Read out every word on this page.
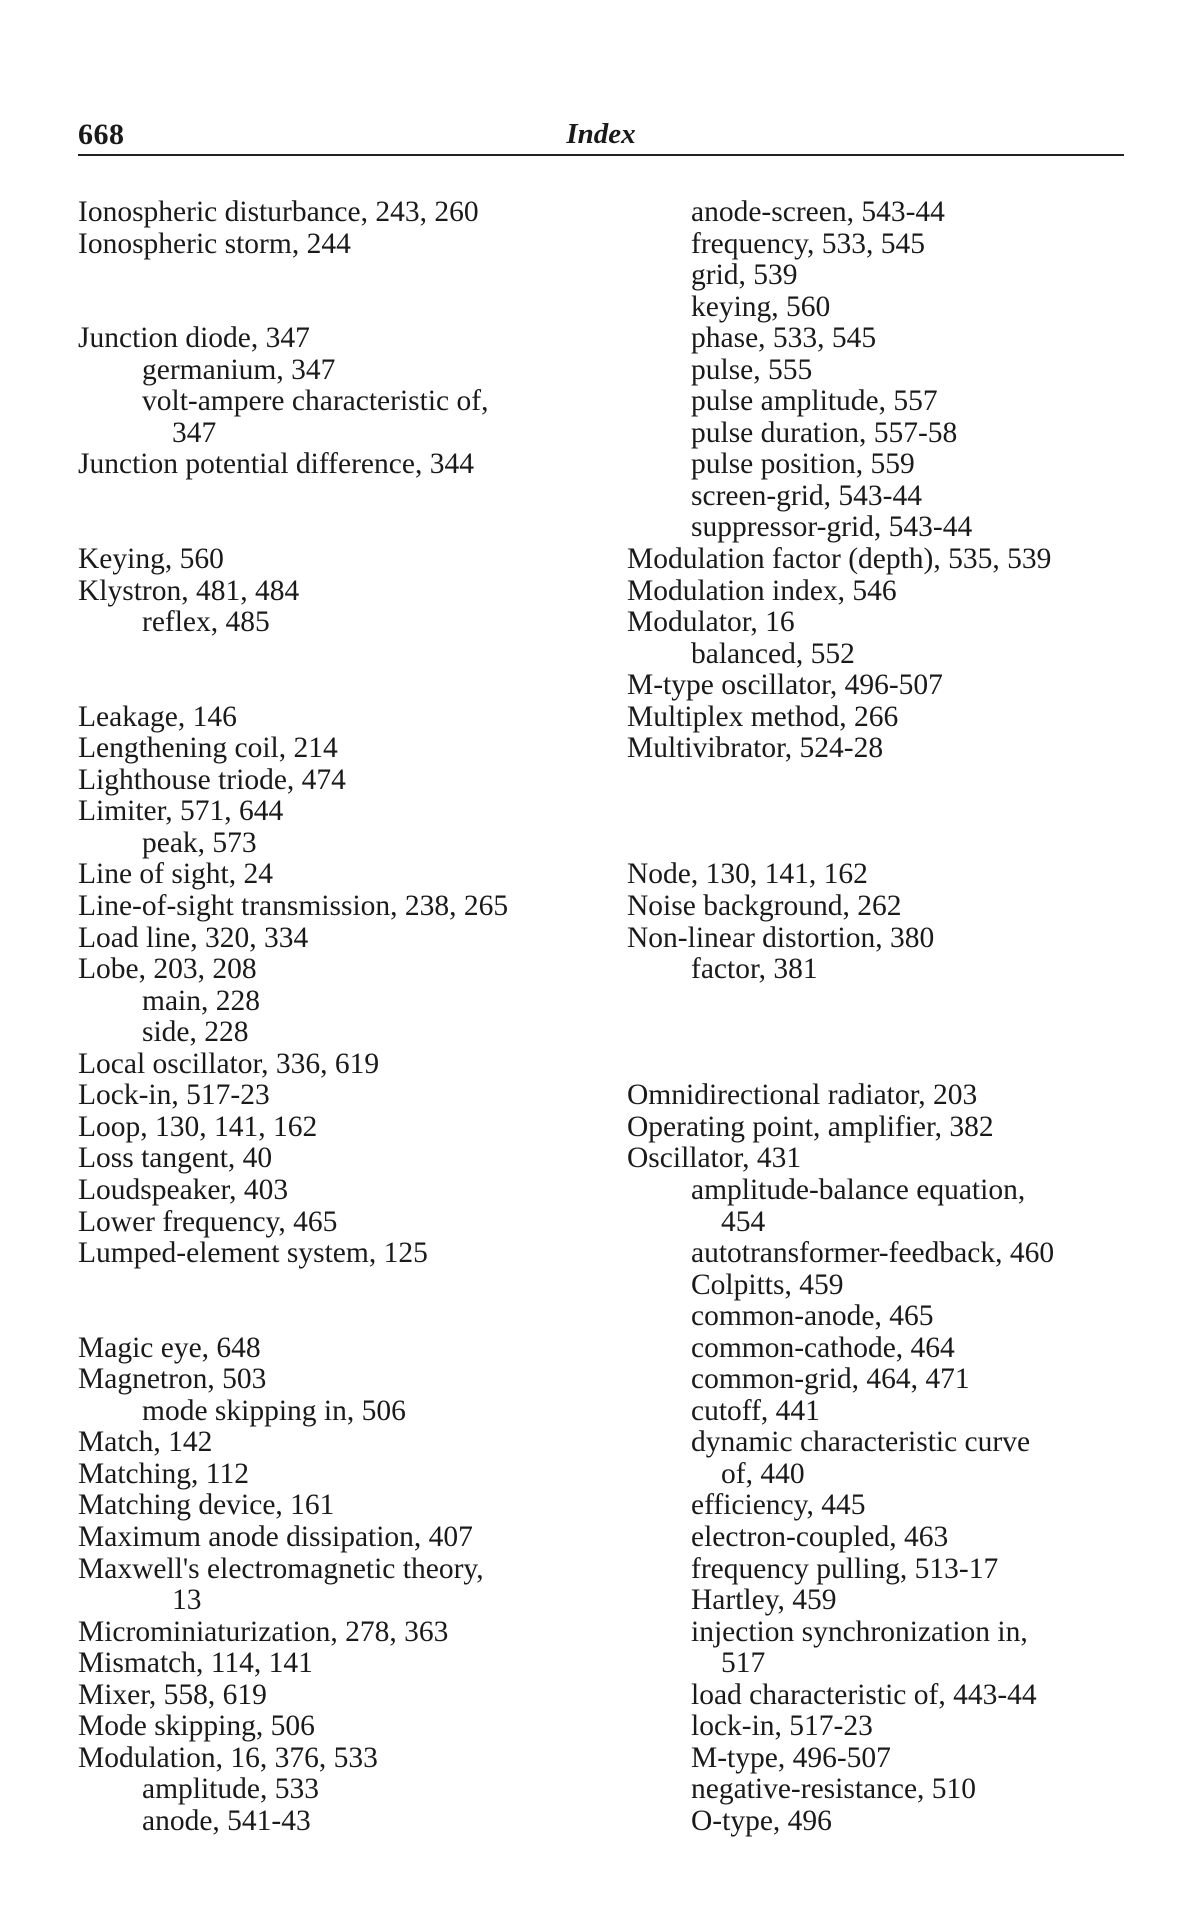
668	Index
Ionospheric disturbance, 243, 260
Ionospheric storm, 244
Junction diode, 347
germanium, 347
volt-ampere characteristic of,
347
Junction potential difference, 344
Keying, 560
Klystron, 481, 484
reflex, 485
Leakage, 146
Lengthening coil, 214
Lighthouse triode, 474
Limiter, 571, 644
peak, 573
Line of sight, 24
Line-of-sight transmission, 238, 265
Load line, 320, 334
Lobe, 203, 208
main, 228
side, 228
Local oscillator, 336, 619
Lock-in, 517-23
Loop, 130, 141, 162
Loss tangent, 40
Loudspeaker, 403
Lower frequency, 465
Lumped-element system, 125
Magic eye, 648
Magnetron, 503
mode skipping in, 506
Match, 142
Matching, 112
Matching device, 161
Maximum anode dissipation, 407
Maxwell's electromagnetic theory,
13
Microminiaturization, 278, 363
Mismatch, 114, 141
Mixer, 558, 619
Mode skipping, 506
Modulation, 16, 376, 533
amplitude, 533
anode, 541-43
anode-screen, 543-44
frequency, 533, 545
grid, 539
keying, 560
phase, 533, 545
pulse, 555
pulse amplitude, 557
pulse duration, 557-58
pulse position, 559
screen-grid, 543-44
suppressor-grid, 543-44
Modulation factor (depth), 535, 539
Modulation index, 546
Modulator, 16
balanced, 552
M-type oscillator, 496-507
Multiplex method, 266
Multivibrator, 524-28
Node, 130, 141, 162
Noise background, 262
Non-linear distortion, 380
factor, 381
Omnidirectional radiator, 203
Operating point, amplifier, 382
Oscillator, 431
amplitude-balance equation,
454
autotransformer-feedback, 460
Colpitts, 459
common-anode, 465
common-cathode, 464
common-grid, 464, 471
cutoff, 441
dynamic characteristic curve
of, 440
efficiency, 445
electron-coupled, 463
frequency pulling, 513-17
Hartley, 459
injection synchronization in,
517
load characteristic of, 443-44
lock-in, 517-23
M-type, 496-507
negative-resistance, 510
O-type, 496
